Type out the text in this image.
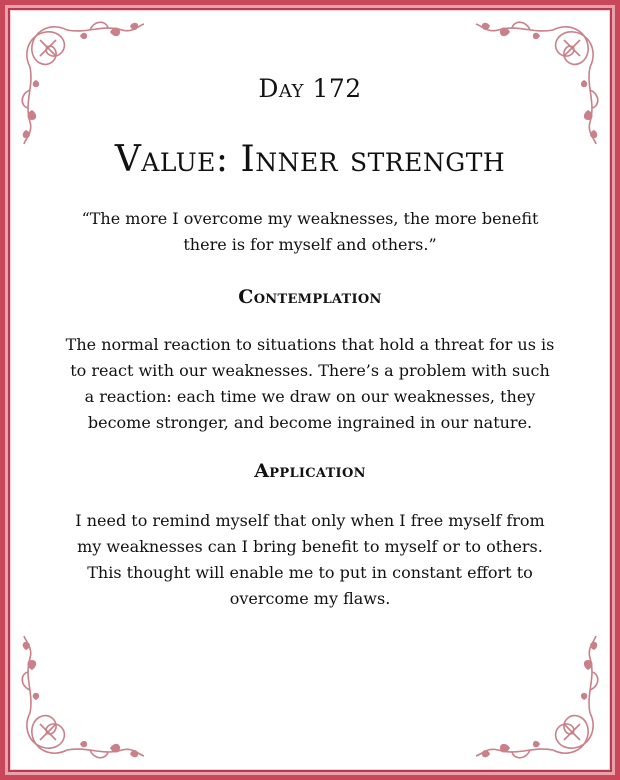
Day 172
Value: Inner strength
“The more I overcome my weaknesses, the more benefit there is for myself and others.”
Contemplation
The normal reaction to situations that hold a threat for us is to react with our weaknesses. There’s a problem with such a reaction: each time we draw on our weaknesses, they become stronger, and become ingrained in our nature.
Application
I need to remind myself that only when I free myself from my weaknesses can I bring benefit to myself or to others. This thought will enable me to put in constant effort to overcome my flaws.
